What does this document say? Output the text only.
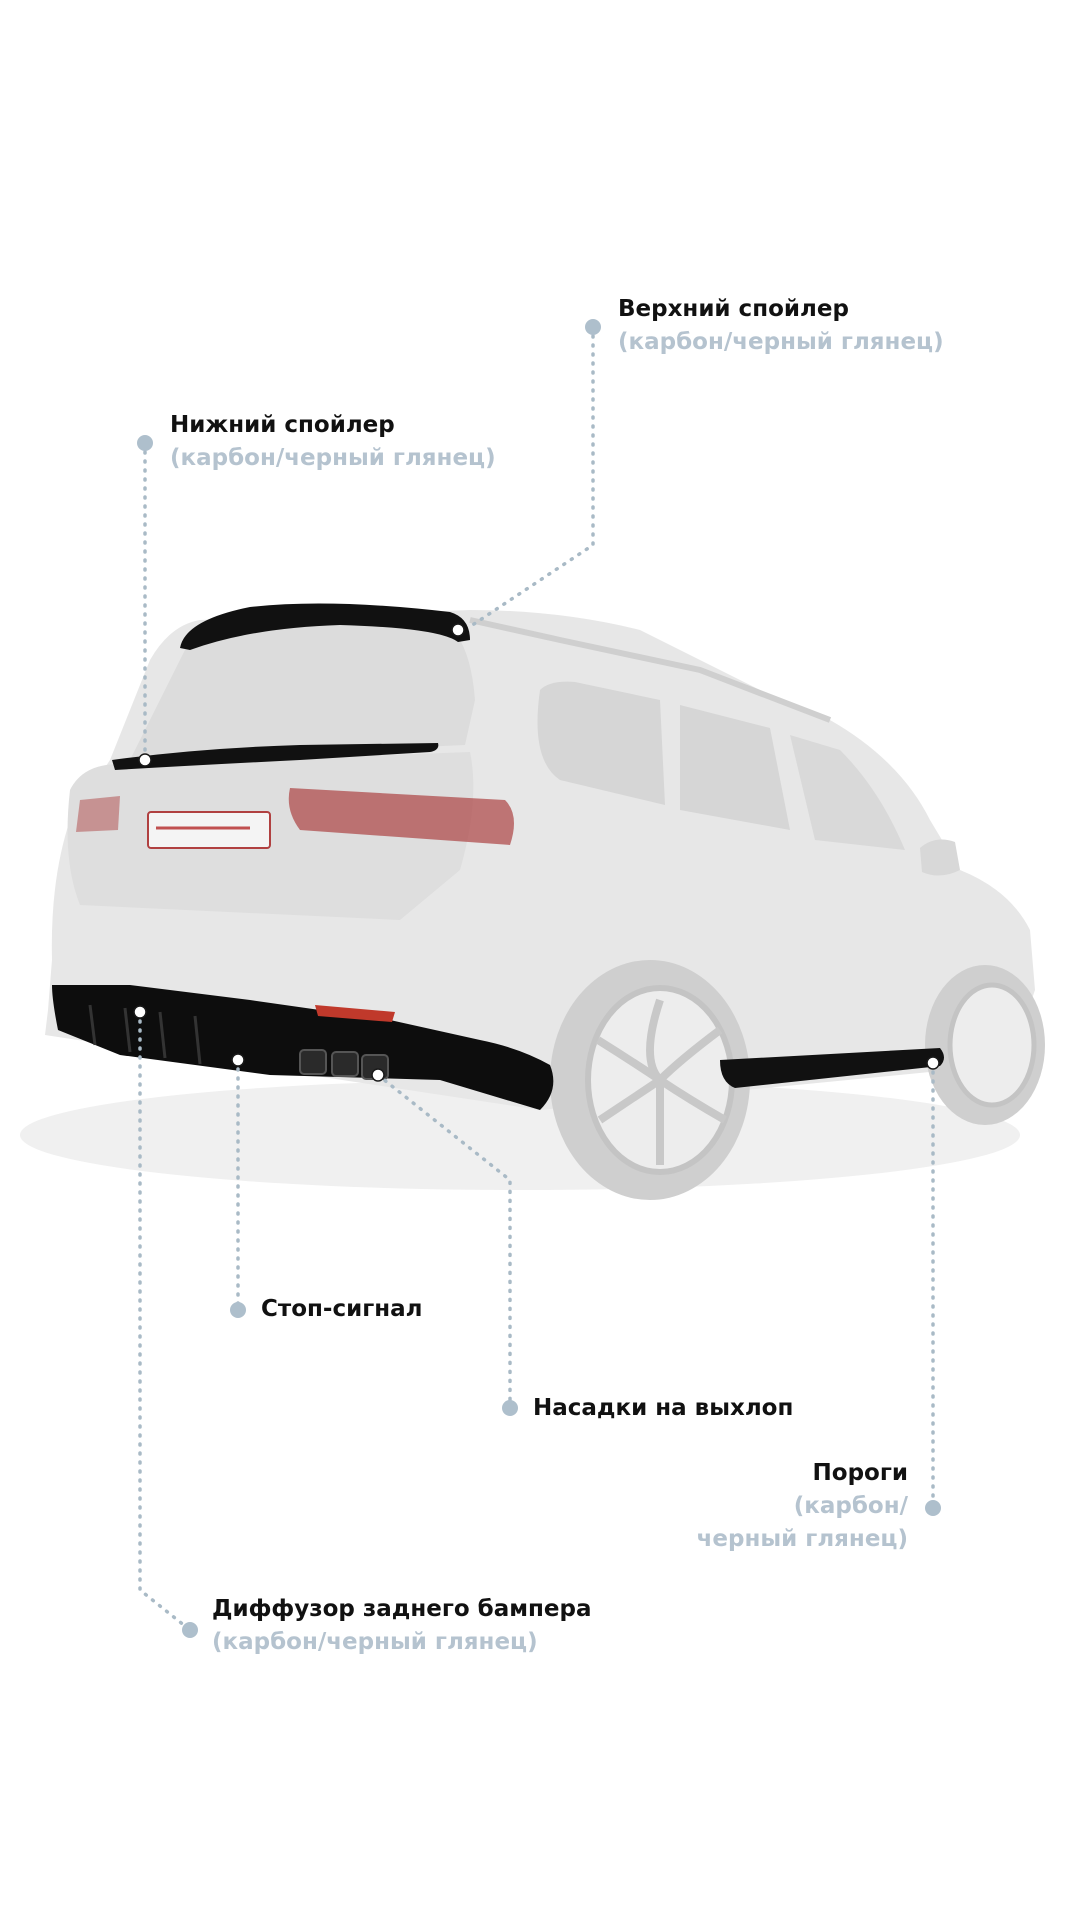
Верхний спойлер
(карбон/черный глянец)
Нижний спойлер
(карбон/черный глянец)
Стоп-сигнал
Насадки на выхлоп
Пороги
(карбон/
черный глянец)
Диффузор заднего бампера
(карбон/черный глянец)
